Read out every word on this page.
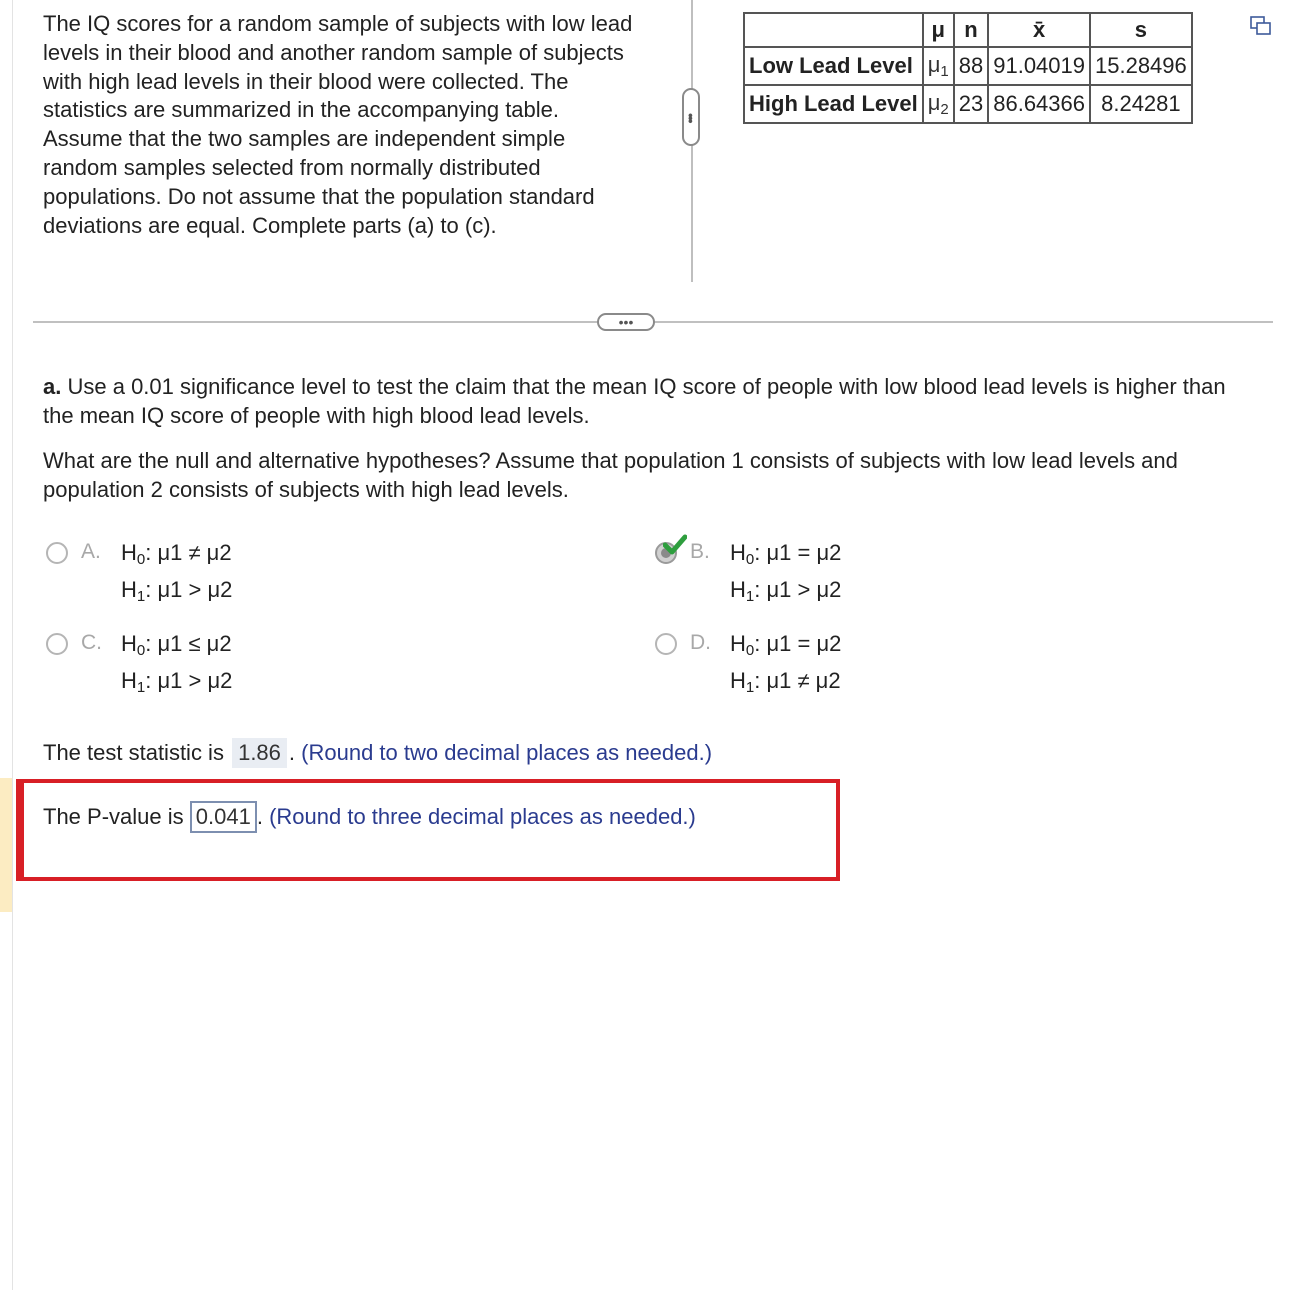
The IQ scores for a random sample of subjects with low lead levels in their blood and another random sample of subjects with high lead levels in their blood were collected. The statistics are summarized in the accompanying table. Assume that the two samples are independent simple random samples selected from normally distributed populations. Do not assume that the population standard deviations are equal. Complete parts (a) to (c).
•••
	μ	n	x̄	s
Low Lead Level	$\mu_1$	88	91.04019	15.28496
High Lead Level	$\mu_2$	23	86.64366	8.24281
•••
a. Use a 0.01 significance level to test the claim that the mean IQ score of people with low blood lead levels is higher than the mean IQ score of people with high blood lead levels.
What are the null and alternative hypotheses? Assume that population 1 consists of subjects with low lead levels and population 2 consists of subjects with high lead levels.
A. $H_0$: μ1 ≠ μ2
$H_1$: μ1 > μ2
B. $H_0$: μ1 = μ2
$H_1$: μ1 > μ2
C. $H_0$: μ1 ≤ μ2
$H_1$: μ1 > μ2
D. $H_0$: μ1 = μ2
$H_1$: μ1 ≠ μ2
The test statistic is 1.86 . (Round to two decimal places as needed.)
The P-value is 0.041 . (Round to three decimal places as needed.)
